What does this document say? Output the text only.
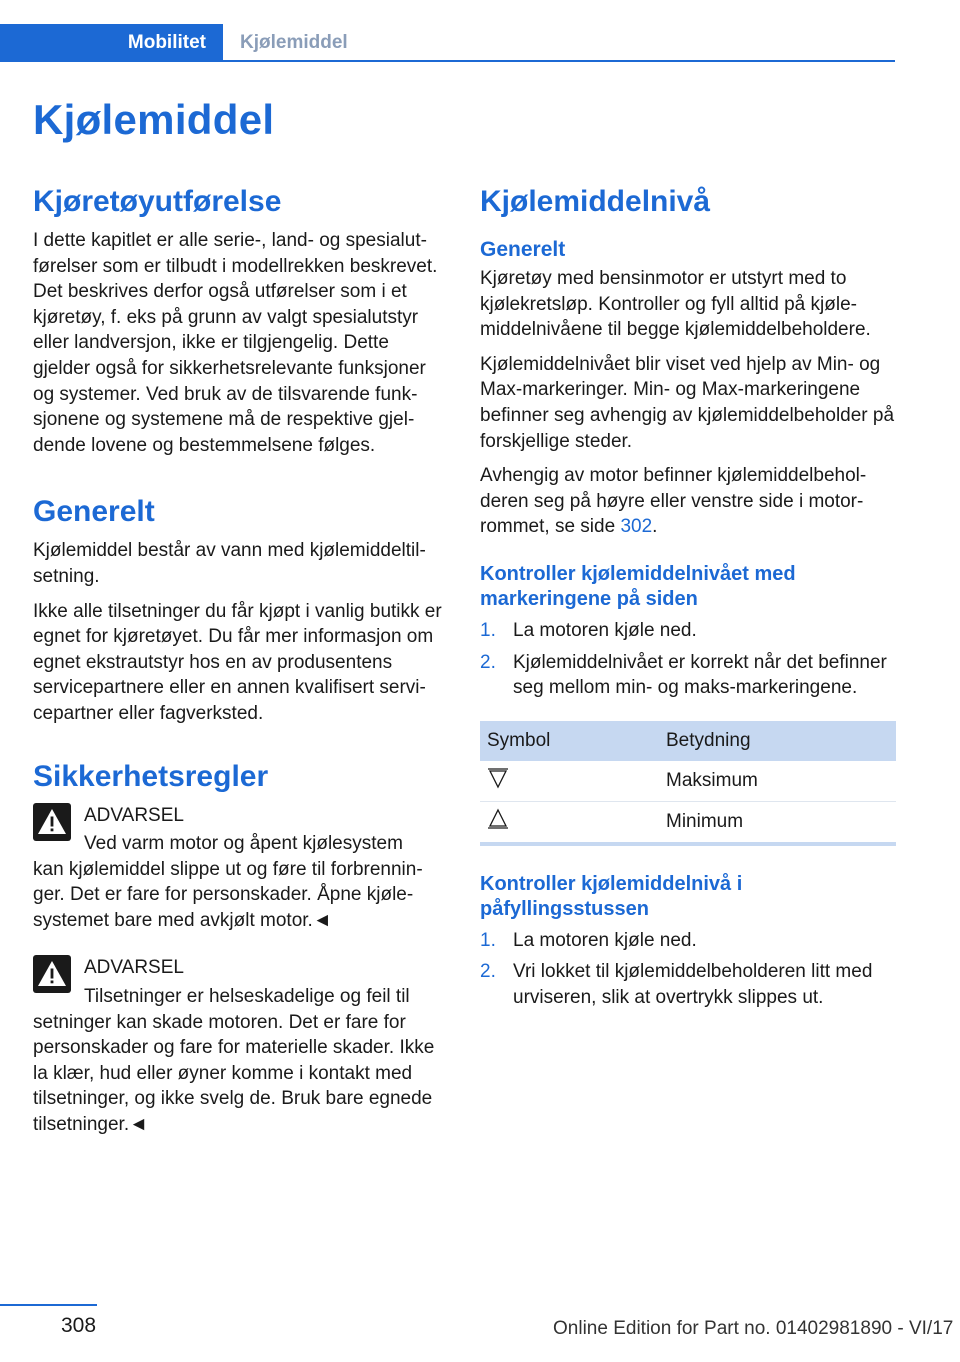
Mobilitet	Kjølemiddel
Kjølemiddel
Kjøretøyutførelse

I dette kapitlet er alle serie-, land- og spesialutførelser som er tilbudt i modellrekken beskrevet. Det beskrives derfor også utførelser som i et kjøretøy, f. eks på grunn av valgt spesialutstyr eller landversjon, ikke er tilgjengelig. Dette gjelder også for sikkerhetsrelevante funksjoner og systemer. Ved bruk av de tilsvarende funksjonene og systemene må de respektive gjeldende lovene og bestemmelsene følges.

Generelt

Kjølemiddel består av vann med kjølemiddeltilsetning.

Ikke alle tilsetninger du får kjøpt i vanlig butikk er egnet for kjøretøyet. Du får mer informasjon om egnet ekstrautstyr hos en av produsentens servicepartnere eller en annen kvalifisert servicepartner eller fagverksted.

Sikkerhetsregler
ADVARSEL

Ved varm motor og åpent kjølesystem

kan kjølemiddel slippe ut og føre til forbrenninger. Det er fare for personskader. Åpne kjølesystemet bare med avkjølt motor.◄

ADVARSEL

Tilsetninger er helseskadelige og feil til

setninger kan skade motoren. Det er fare for personskader og fare for materielle skader. Ikke la klær, hud eller øyner komme i kontakt med tilsetninger, og ikke svelg de. Bruk bare egnede tilsetninger.◄

Kjølemiddelnivå
Generelt

Kjøretøy med bensinmotor er utstyrt med to kjølekretsløp. Kontroller og fyll alltid på kjølemiddelnivåene til begge kjølemiddelbeholdere.

Kjølemiddelnivået blir viset ved hjelp av Min- og Max-markeringer. Min- og Max-markeringene befinner seg avhengig av kjølemiddelbeholder på forskjellige steder.

Avhengig av motor befinner kjølemiddelbeholderen seg på høyre eller venstre side i motorrommet, se side 302.

Kontroller kjølemiddelnivået med markeringene på siden
1. La motoren kjøle ned.
2. Kjølemiddelnivået er korrekt når det befinner seg mellom min- og maks-markeringene.
Symbol	Betydning
	Maksimum
	Minimum
Kontroller kjølemiddelnivå i påfyllingsstussen
1. La motoren kjøle ned.
2. Vri lokket til kjølemiddelbeholderen litt med urviseren, slik at overtrykk slippes ut.
308	Online Edition for Part no. 01402981890 - VI/17
